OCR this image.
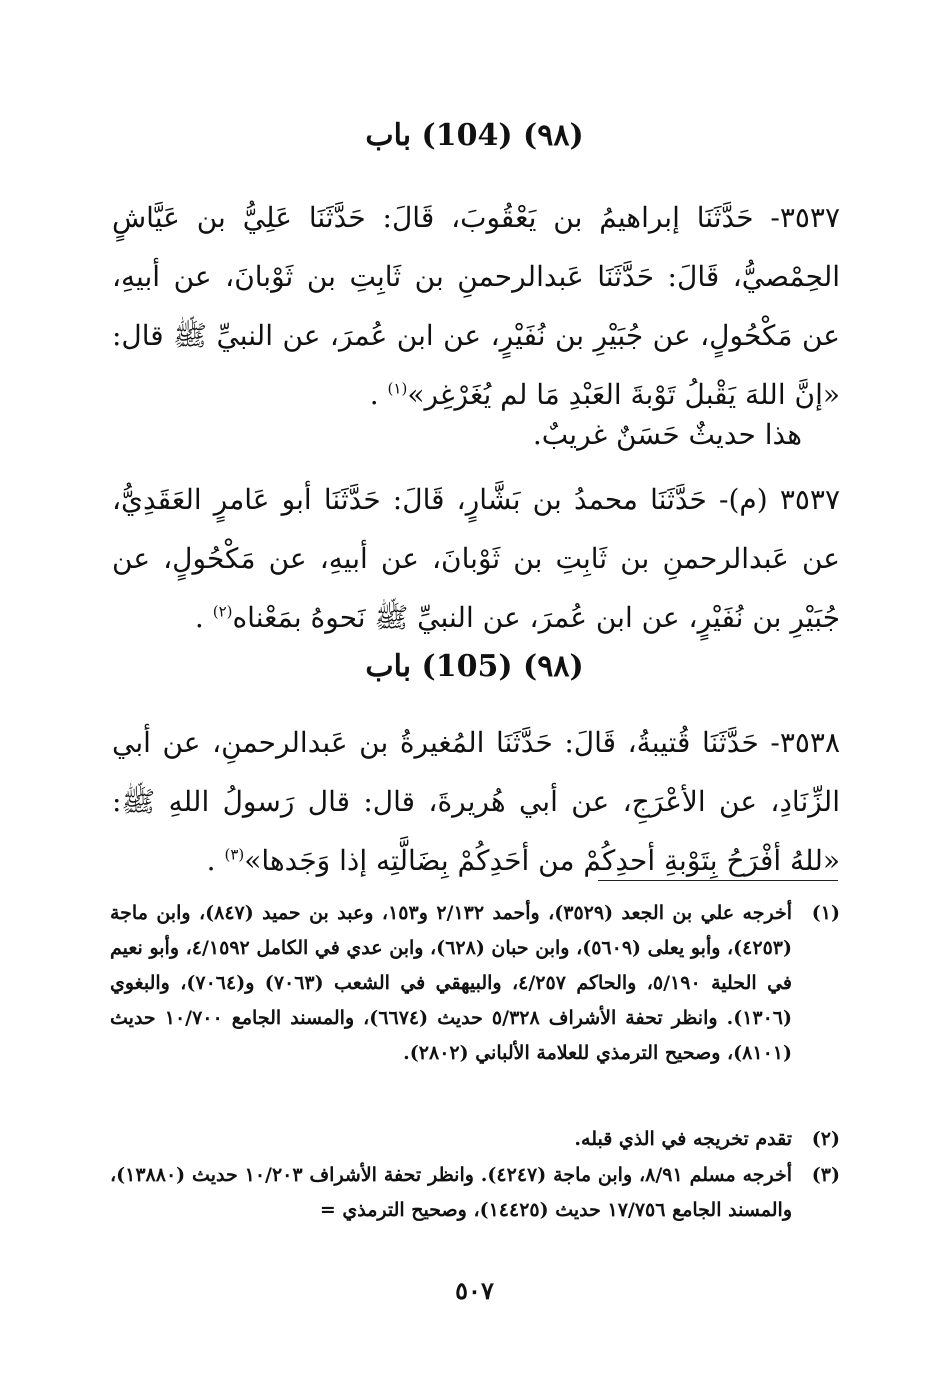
(٩٨) (104) باب
٣٥٣٧- حَدَّثَنَا إبراهيمُ بن يَعْقُوبَ، قَالَ: حَدَّثَنَا عَلِيُّ بن عَيَّاشٍ الحِمْصيُّ، قَالَ: حَدَّثَنَا عَبدالرحمنِ بن ثَابِتِ بن ثَوْبانَ، عن أبيهِ، عن مَكْحُولٍ، عن جُبَيْرِ بن نُفَيْرٍ، عن ابن عُمرَ، عن النبيِّ ﷺ قال: «إنَّ اللهَ يَقْبلُ تَوْبةَ العَبْدِ مَا لم يُغَرْغِر»$^{(١)}$ .
هذا حديثٌ حَسَنٌ غريبٌ.
٣٥٣٧ (م)- حَدَّثَنَا محمدُ بن بَشَّارٍ، قَالَ: حَدَّثَنَا أبو عَامرٍ العَقَدِيُّ، عن عَبدالرحمنِ بن ثَابِتِ بن ثَوْبانَ، عن أبيهِ، عن مَكْحُولٍ، عن جُبَيْرِ بن نُفَيْرٍ، عن ابن عُمرَ، عن النبيِّ ﷺ نَحوهُ بمَعْناه$^{(٢)}$ .
(٩٨) (105) باب
٣٥٣٨- حَدَّثَنَا قُتيبةُ، قَالَ: حَدَّثَنَا المُغيرةُ بن عَبدالرحمنِ، عن أبي الزِّنَادِ، عن الأعْرَجِ، عن أبي هُريرةَ، قال: قال رَسولُ اللهِ ﷺ: «للهُ أفْرَحُ بِتَوْبةِ أحدِكُمْ من أحَدِكُمْ بِضَالَّتِه إذا وَجَدها»$^{(٣)}$ .
(١)
أخرجه علي بن الجعد (٣٥٢٩)، وأحمد ٢/١٣٢ و١٥٣، وعبد بن حميد (٨٤٧)، وابن ماجة (٤٢٥٣)، وأبو يعلى (٥٦٠٩)، وابن حبان (٦٢٨)، وابن عدي في الكامل ٤/١٥٩٢، وأبو نعيم في الحلية ٥/١٩٠، والحاكم ٤/٢٥٧، والبيهقي في الشعب (٧٠٦٣) و(٧٠٦٤)، والبغوي (١٣٠٦). وانظر تحفة الأشراف ٥/٣٢٨ حديث (٦٦٧٤)، والمسند الجامع ١٠/٧٠٠ حديث (٨١٠١)، وصحيح الترمذي للعلامة الألباني (٢٨٠٢).
(٢)
تقدم تخريجه في الذي قبله.
(٣)
أخرجه مسلم ٨/٩١، وابن ماجة (٤٢٤٧). وانظر تحفة الأشراف ١٠/٢٠٣ حديث (١٣٨٨٠)، والمسند الجامع ١٧/٧٥٦ حديث (١٤٤٢٥)، وصحيح الترمذي =
٥٠٧
